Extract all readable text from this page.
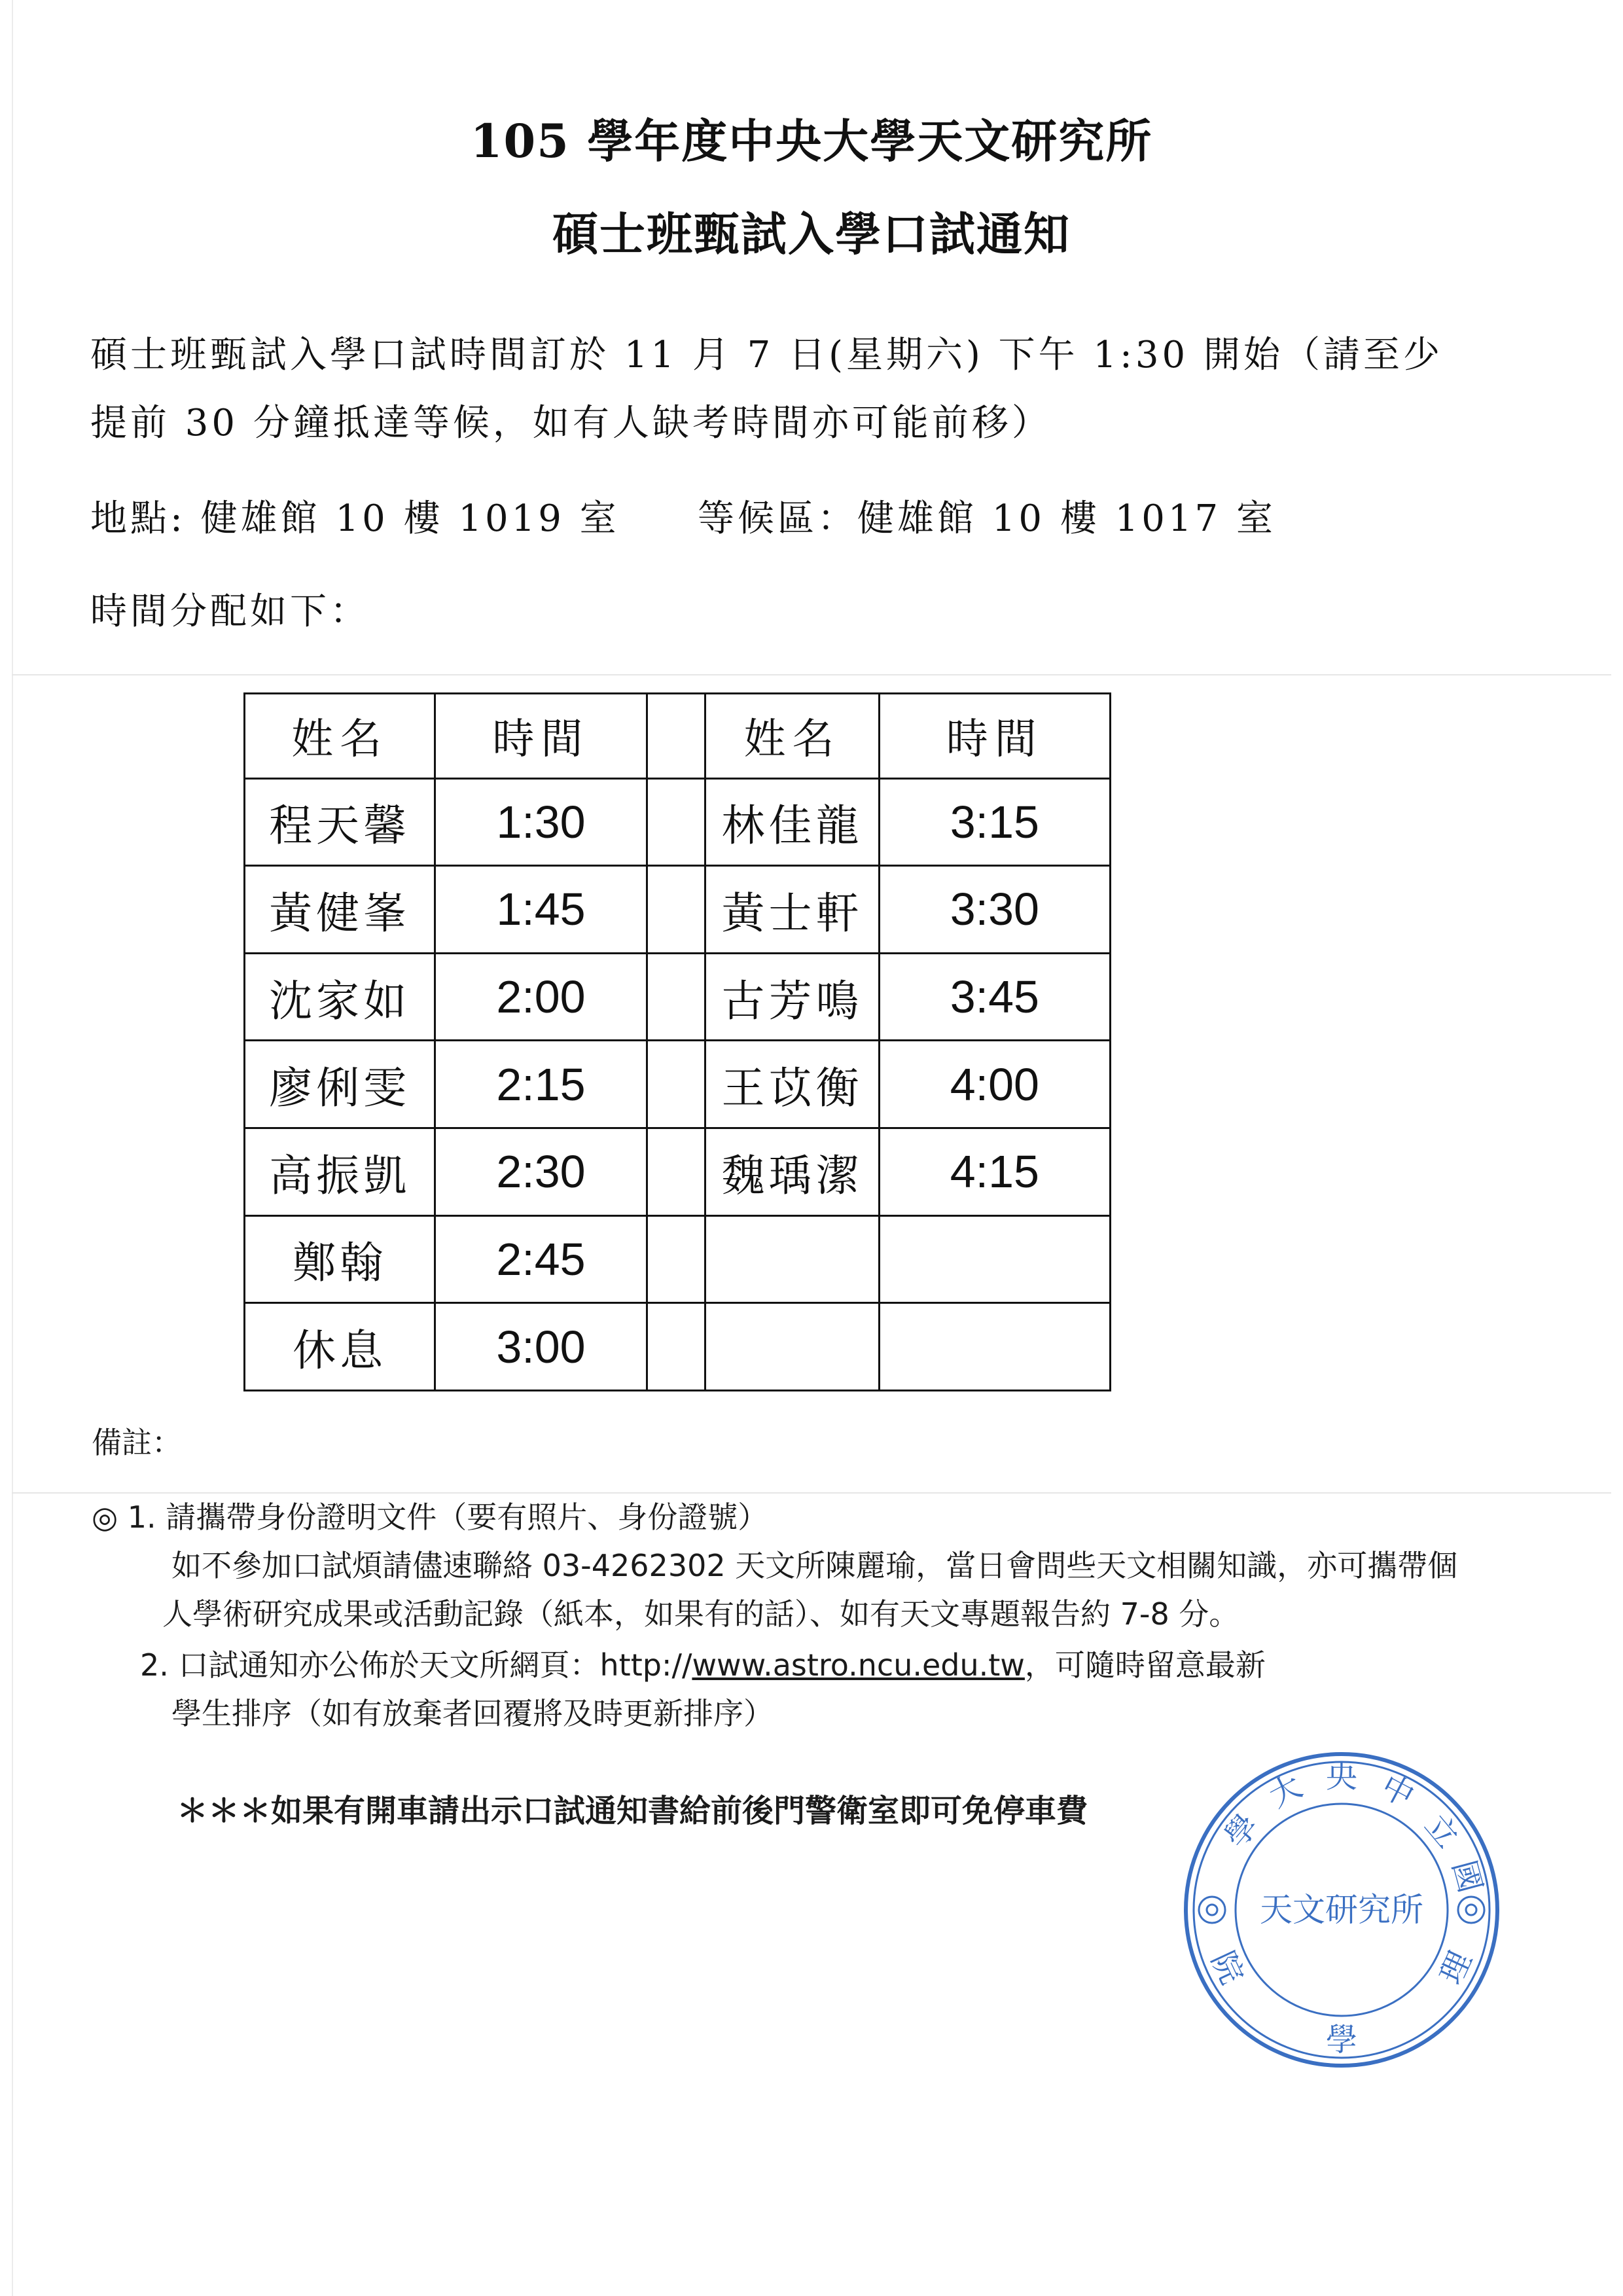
105 學年度中央大學天文研究所
碩士班甄試入學口試通知
碩士班甄試入學口試時間訂於 11 月 7 日(星期六) 下午 1:30 開始（請至少
提前 30 分鐘抵達等候，如有人缺考時間亦可能前移）
地點: 健雄館 10 樓 1019 室 等候區：健雄館 10 樓 1017 室
時間分配如下：
姓名	時間		姓名	時間
程天馨	1:30		林佳龍	3:15
黃健峯	1:45		黃士軒	3:30
沈家如	2:00		古芳鳴	3:45
廖俐雯	2:15		王苡衡	4:00
高振凱	2:30		魏瑀潔	4:15
鄭翰	2:45			
休息	3:00			
備註：
◎ 1. 請攜帶身份證明文件（要有照片、身份證號）
如不參加口試煩請儘速聯絡 03-4262302 天文所陳麗瑜，當日會問些天文相關知識，亦可攜帶個
人學術研究成果或活動記錄（紙本，如果有的話）、如有天文專題報告約 7-8 分。
2. 口試通知亦公佈於天文所網頁：http://www.astro.ncu.edu.tw，可隨時留意最新
學生排序（如有放棄者回覆將及時更新排序）
＊＊＊如果有開車請出示口試通知書給前後門警衛室即可免停車費	學
大 央 中
立
國
理
學
院
天文研究所
